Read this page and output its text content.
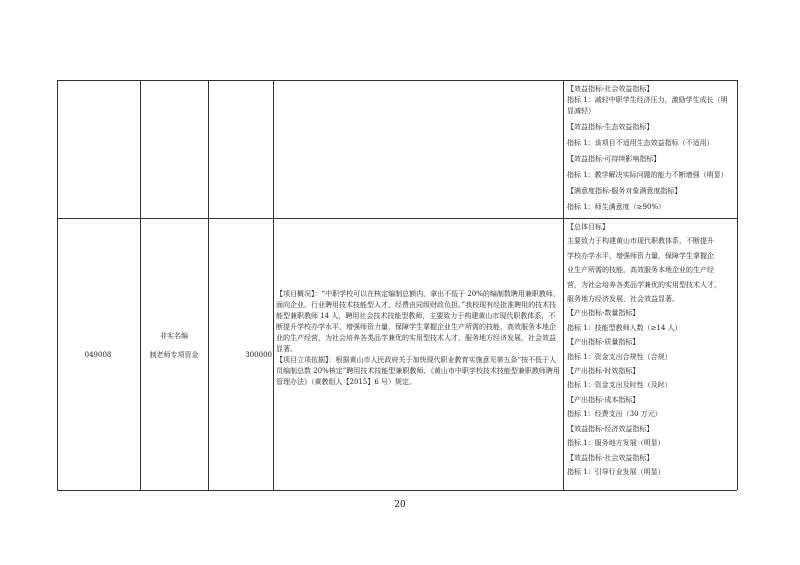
【效益指标-社会效益指标】
指标 1：减轻中职学生经济压力，激励学生成长（明
显减轻）
【效益指标-生态效益指标】
指标 1：该项目不适用生态效益指标（不适用）
【效益指标-可持续影响指标】
指标 1：教学解决实际问题的能力不断增强（明显）
【满意度指标-服务对象满意度指标】
指标 1：师生满意度（≥90%）
049008
非实名编
制老师专项资金	300000

【项目概况】：“中职学校可以在核定编制总额内，拿出不低于 20%的编制数聘用兼职教师，面向企业、行业聘用技术技能型人才，经费由同级财政负担。”我校现有经批准聘用的技术技能型兼职教师 14 人，聘用社会技术技能型教师，主要致力于构建黄山市现代职教体系，不断提升学校办学水平，增强师资力量，保障学生掌握企业生产所需的技能，高效服务本地企业的生产经营，为社会培养各类品学兼优的实用型技术人才，服务地方经济发展，社会效益显著。

【项目立项依据】：根据黄山市人民政府关于加快现代职业教育实施意见第五条“按不低于人员编制总数 20%核定”聘用技术技能型兼职教师、《黄山市中职学校技术技能型兼职教师聘用管理办法》（黄教组人【2015】6 号）规定。

【总体目标】
主要致力于构建黄山市现代职教体系，不断提升
学校办学水平，增强师资力量，保障学生掌握企
业生产所需的技能，高效服务本地企业的生产经
营，为社会培养各类品学兼优的实用型技术人才，
服务地方经济发展，社会效益显著。
【产出指标-数量指标】
指标 1：技能型教师人数（≥14 人）
【产出指标-质量指标】
指标 1：资金支出合规性（合规）
【产出指标-时效指标】
指标 1：资金支出及时性（及时）
【产出指标-成本指标】
指标 1：经费支出（30 万元）
【效益指标-经济效益指标】
指标 1：服务地方发展（明显）
【效益指标-社会效益指标】
指标 1：引导行业发展（明显）
20
